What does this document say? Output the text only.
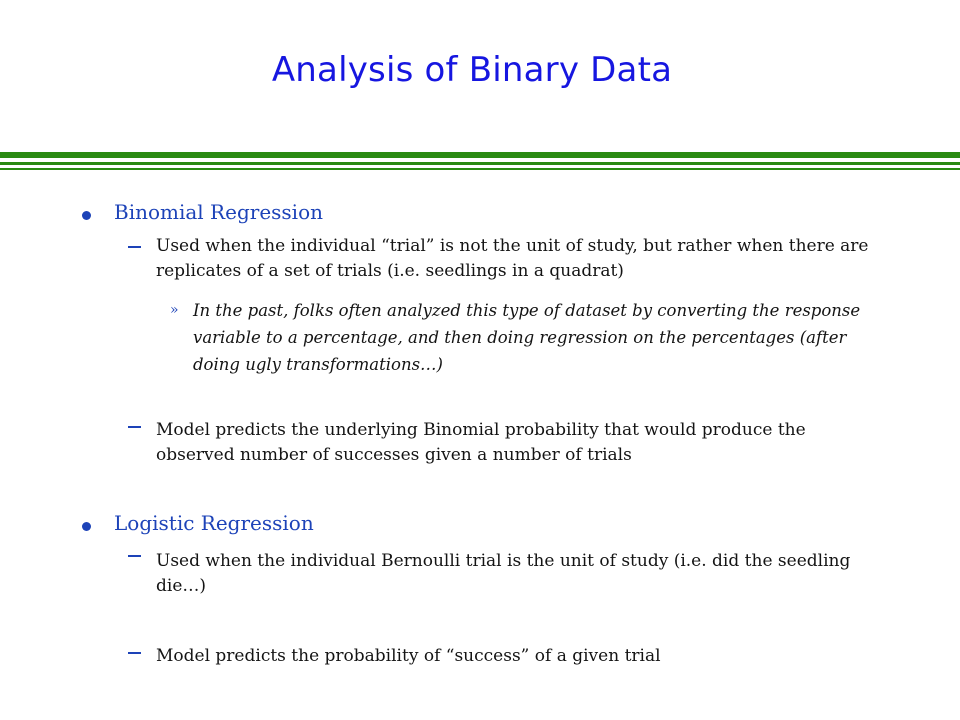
Analysis of Binary Data
Binomial Regression
Used when the individual “trial” is not the unit of study, but rather when there are replicates of a set of trials (i.e. seedlings in a quadrat)
» In the past, folks often analyzed this type of dataset by converting the response variable to a percentage, and then doing regression on the percentages (after doing ugly transformations…)
Model predicts the underlying Binomial probability that would produce the observed number of successes given a number of trials
Logistic Regression
Used when the individual Bernoulli trial is the unit of study (i.e. did the seedling die…)
Model predicts the probability of “success” of a given trial
